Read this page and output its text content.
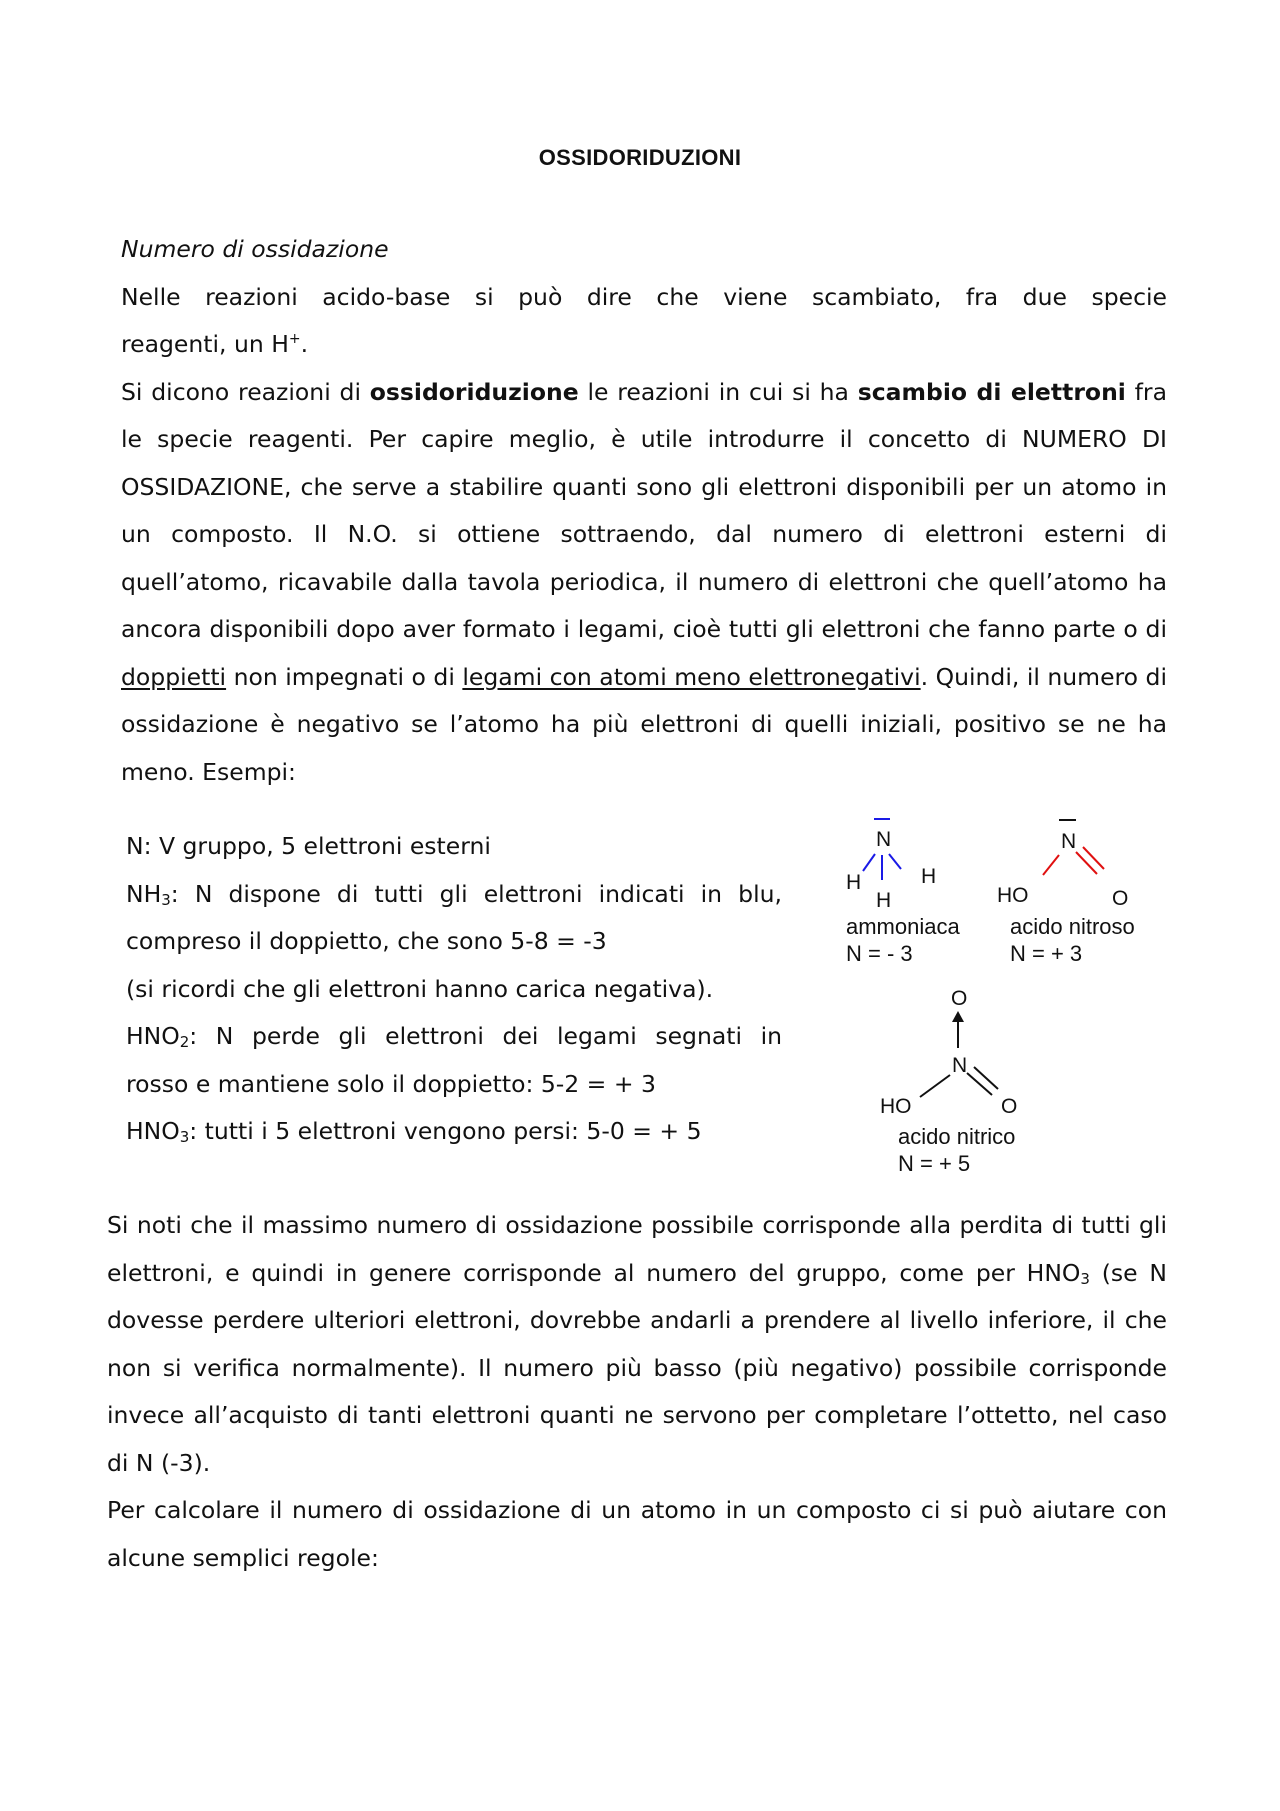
OSSIDORIDUZIONI

Numero di ossidazione

Nelle reazioni acido-base si può dire che viene scambiato, fra due specie
reagenti, un H+.
Si dicono reazioni di ossidoriduzione le reazioni in cui si ha scambio di elettroni fra le specie reagenti. Per capire meglio, è utile introdurre il concetto di NUMERO DI OSSIDAZIONE, che serve a stabilire quanti sono gli elettroni disponibili per un atomo in un composto. Il N.O. si ottiene sottraendo, dal numero di elettroni esterni di quell’atomo, ricavabile dalla tavola periodica, il numero di elettroni che quell’atomo ha ancora disponibili dopo aver formato i legami, cioè tutti gli elettroni che fanno parte o di doppietti non impegnati o di legami con atomi meno elettronegativi. Quindi, il numero di ossidazione è negativo se l’atomo ha più elettroni di quelli iniziali, positivo se ne ha meno. Esempi:

N: V gruppo, 5 elettroni esterni
$NH_3$: N dispone di tutti gli elettroni indicati in blu,
compreso il doppietto, che sono 5-8 = -3
(si ricordi che gli elettroni hanno carica negativa).
$HNO_2$: N perde gli elettroni dei legami segnati in
rosso e mantiene solo il doppietto: 5-2 = + 3
$HNO_3$: tutti i 5 elettroni vengono persi: 5-0 = + 5
N
H	H
H
ammoniaca
N = - 3
N
HO	O
acido nitroso
N = + 3
O
N
HO	O
acido nitrico
N = + 5

Si noti che il massimo numero di ossidazione possibile corrisponde alla perdita di tutti gli elettroni, e quindi in genere corrisponde al numero del gruppo, come per $HNO_3$ (se N dovesse perdere ulteriori elettroni, dovrebbe andarli a prendere al livello inferiore, il che non si verifica normalmente). Il numero più basso (più negativo) possibile corrisponde invece all’acquisto di tanti elettroni quanti ne servono per completare l’ottetto, nel caso di N (-3).
Per calcolare il numero di ossidazione di un atomo in un composto ci si può aiutare con alcune semplici regole:
